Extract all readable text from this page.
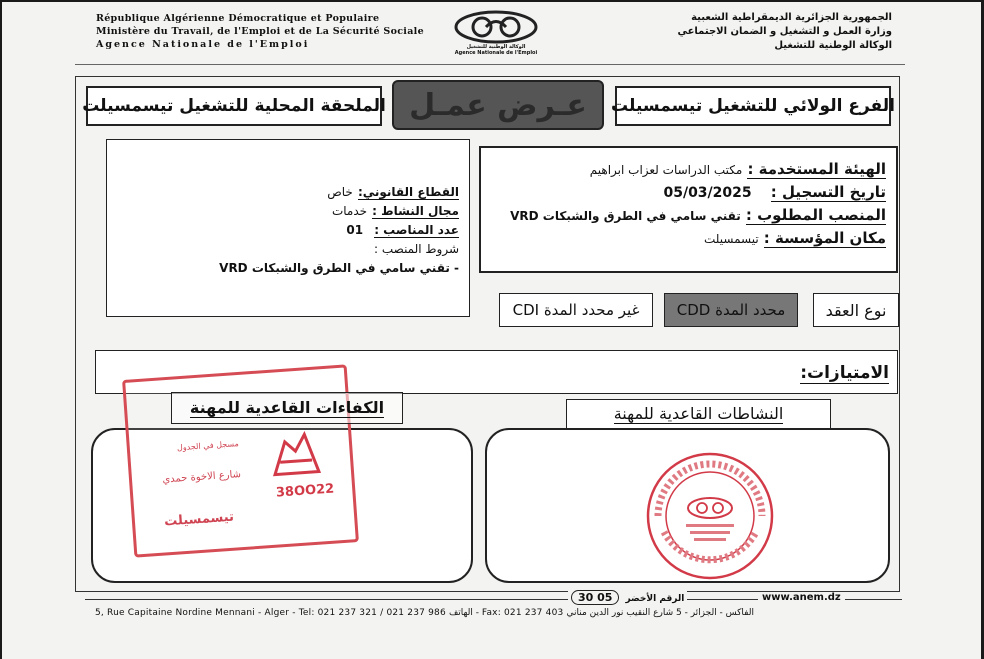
République Algérienne Démocratique et Populaire
Ministère du Travail, de l'Emploi et de La Sécurité Sociale
Agence Nationale de l'Emploi	الوكالة الوطنية للتشغيل
Agence Nationale de l'Emploi
الجمهورية الجزائرية الديمقراطية الشعبية
وزارة العمل و التشغيل و الضمان الاجتماعي
الوكالة الوطنية للتشغيل
الفرع الولائي للتشغيل تيسمسيلت
عـرض عمـل
الملحقة المحلية للتشغيل تيسمسيلت
الهيئة المستخدمة : مكتب الدراسات لعزاب ابراهيم
تاريخ التسجيل : 05/03/2025
المنصب المطلوب : تقني سامي في الطرق والشبكات VRD
مكان المؤسسة : تيسمسيلت
القطاع القانوني: خاص
مجال النشاط : خدمات
عدد المناصب : 01
شروط المنصب :
- تقني سامي في الطرق والشبكات VRD
نوع العقد
محدد المدة CDD
غير محدد المدة CDI
الامتيازات:
النشاطات القاعدية للمهنة
مسجل في الجدول
شارع الاخوة حمدي
تيسمسيلت
38OO22
الكفاءات القاعدية للمهنة
www.anem.dz
30 05 الرقم الأخضر
5, Rue Capitaine Nordine Mennani - Alger - Tel: 021 237 321 / 021 237 986 الهاتف - Fax: 021 237 403 الفاكس - الجزائر - 5 شارع النقيب نور الدين مناني
